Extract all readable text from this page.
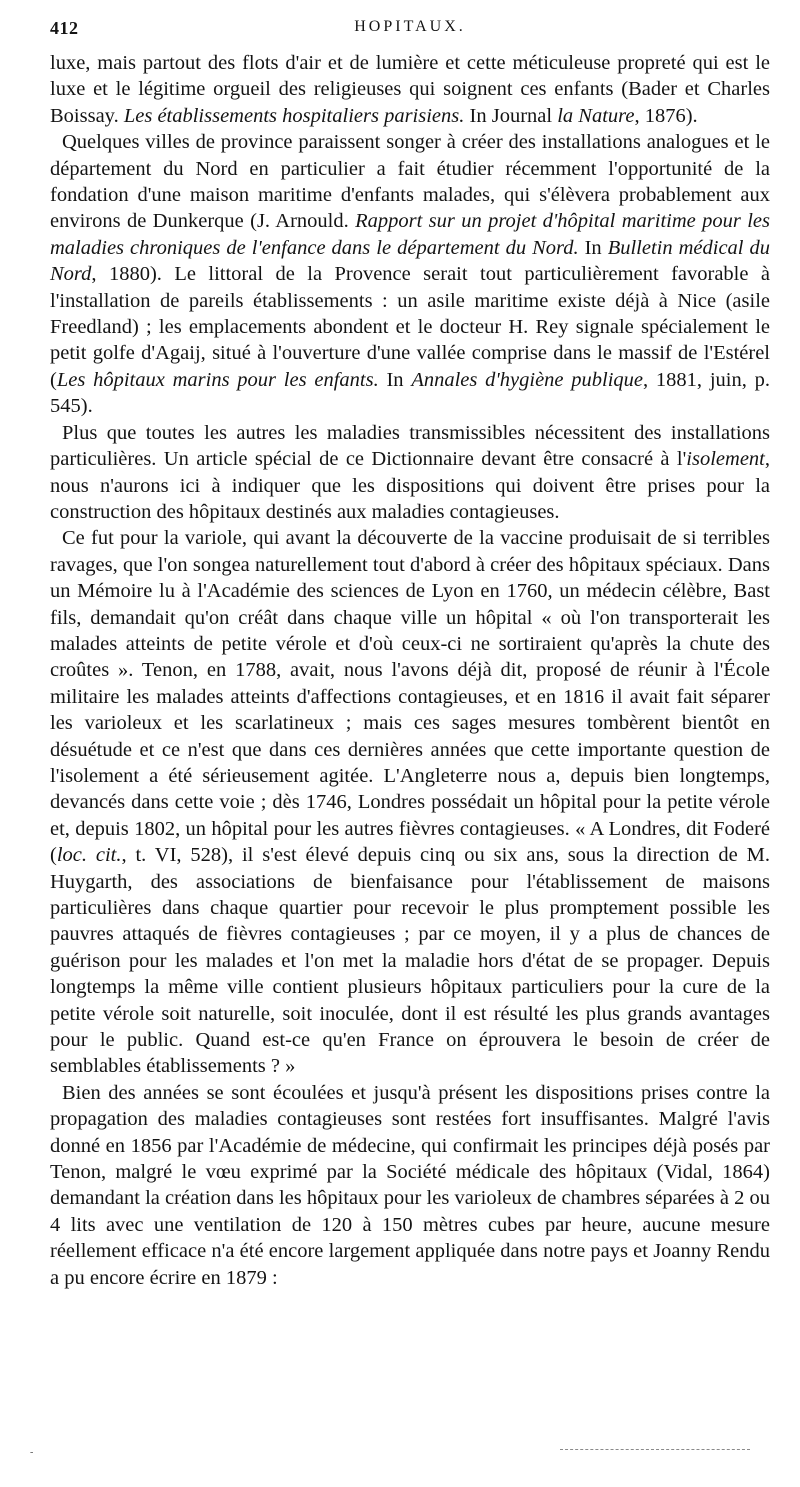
412	HOPITAUX.

luxe, mais partout des flots d'air et de lumière et cette méticuleuse propreté qui est le luxe et le légitime orgueil des religieuses qui soignent ces enfants (Bader et Charles Boissay. Les établissements hospitaliers parisiens. In Journal la Nature, 1876).

Quelques villes de province paraissent songer à créer des installations analogues et le département du Nord en particulier a fait étudier récemment l'opportunité de la fondation d'une maison maritime d'enfants malades, qui s'élèvera probablement aux environs de Dunkerque (J. Arnould. Rapport sur un projet d'hôpital maritime pour les maladies chroniques de l'enfance dans le département du Nord. In Bulletin médical du Nord, 1880). Le littoral de la Provence serait tout particulièrement favorable à l'installation de pareils établissements : un asile maritime existe déjà à Nice (asile Freedland) ; les emplacements abondent et le docteur H. Rey signale spécialement le petit golfe d'Agaij, situé à l'ouverture d'une vallée comprise dans le massif de l'Estérel (Les hôpitaux marins pour les enfants. In Annales d'hygiène publique, 1881, juin, p. 545).

Plus que toutes les autres les maladies transmissibles nécessitent des installations particulières. Un article spécial de ce Dictionnaire devant être consacré à l'isolement, nous n'aurons ici à indiquer que les dispositions qui doivent être prises pour la construction des hôpitaux destinés aux maladies contagieuses.

Ce fut pour la variole, qui avant la découverte de la vaccine produisait de si terribles ravages, que l'on songea naturellement tout d'abord à créer des hôpitaux spéciaux. Dans un Mémoire lu à l'Académie des sciences de Lyon en 1760, un médecin célèbre, Bast fils, demandait qu'on créât dans chaque ville un hôpital « où l'on transporterait les malades atteints de petite vérole et d'où ceux-ci ne sortiraient qu'après la chute des croûtes ». Tenon, en 1788, avait, nous l'avons déjà dit, proposé de réunir à l'École militaire les malades atteints d'affections contagieuses, et en 1816 il avait fait séparer les varioleux et les scarlatineux ; mais ces sages mesures tombèrent bientôt en désuétude et ce n'est que dans ces dernières années que cette importante question de l'isolement a été sérieusement agitée. L'Angleterre nous a, depuis bien longtemps, devancés dans cette voie ; dès 1746, Londres possédait un hôpital pour la petite vérole et, depuis 1802, un hôpital pour les autres fièvres contagieuses. « A Londres, dit Foderé (loc. cit., t. VI, 528), il s'est élevé depuis cinq ou six ans, sous la direction de M. Huygarth, des associations de bienfaisance pour l'établissement de maisons particulières dans chaque quartier pour recevoir le plus promptement possible les pauvres attaqués de fièvres contagieuses ; par ce moyen, il y a plus de chances de guérison pour les malades et l'on met la maladie hors d'état de se propager. Depuis longtemps la même ville contient plusieurs hôpitaux particuliers pour la cure de la petite vérole soit naturelle, soit inoculée, dont il est résulté les plus grands avantages pour le public. Quand est-ce qu'en France on éprouvera le besoin de créer de semblables établissements ? »

Bien des années se sont écoulées et jusqu'à présent les dispositions prises contre la propagation des maladies contagieuses sont restées fort insuffisantes. Malgré l'avis donné en 1856 par l'Académie de médecine, qui confirmait les principes déjà posés par Tenon, malgré le vœu exprimé par la Société médicale des hôpitaux (Vidal, 1864) demandant la création dans les hôpitaux pour les varioleux de chambres séparées à 2 ou 4 lits avec une ventilation de 120 à 150 mètres cubes par heure, aucune mesure réellement efficace n'a été encore largement appliquée dans notre pays et Joanny Rendu a pu encore écrire en 1879 :

-
